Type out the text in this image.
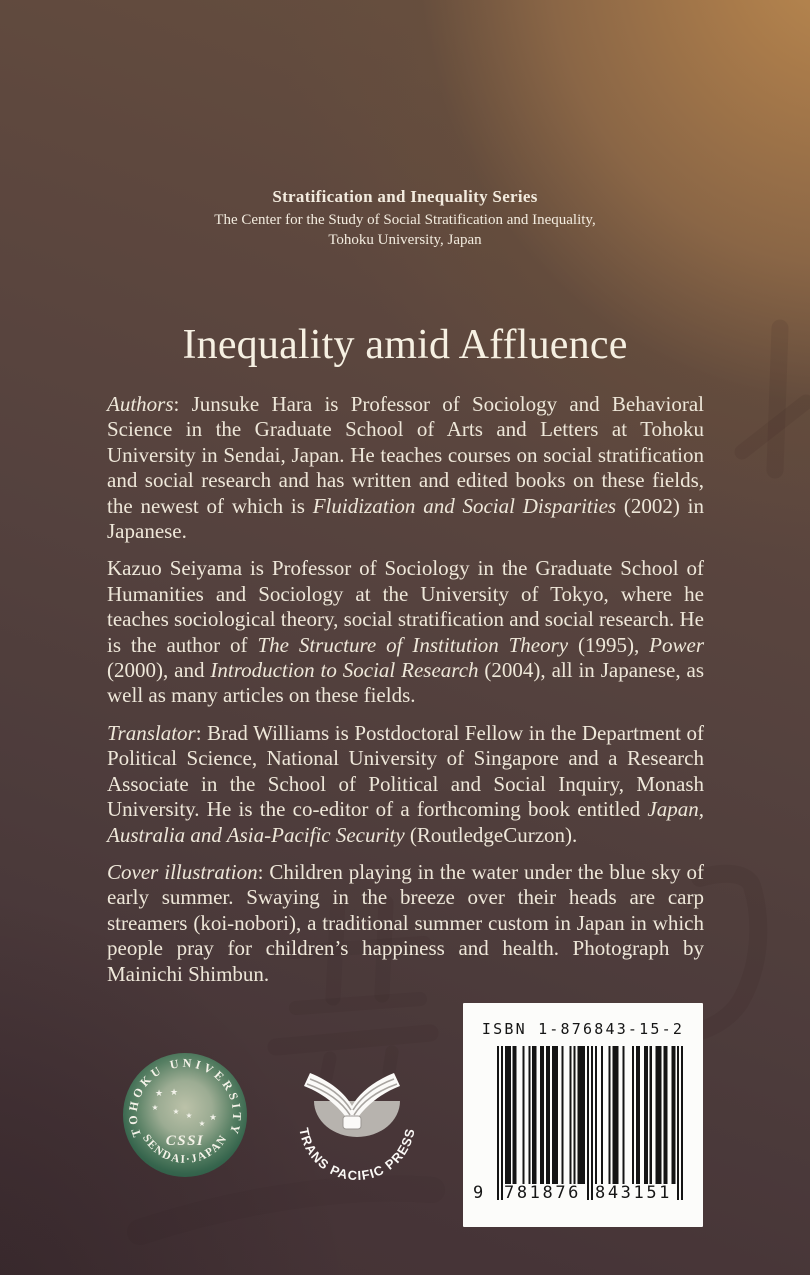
Stratification and Inequality Series
The Center for the Study of Social Stratification and Inequality,
Tohoku University, Japan
Inequality amid Affluence

Authors: Junsuke Hara is Professor of Sociology and Behavioral Science in the Graduate School of Arts and Letters at Tohoku University in Sendai, Japan. He teaches courses on social stratification and social research and has written and edited books on these fields, the newest of which is Fluidization and Social Disparities (2002) in Japanese.

Kazuo Seiyama is Professor of Sociology in the Graduate School of Humanities and Sociology at the University of Tokyo, where he teaches sociological theory, social stratification and social research. He is the author of The Structure of Institution Theory (1995), Power (2000), and Introduction to Social Research (2004), all in Japanese, as well as many articles on these fields.

Translator: Brad Williams is Postdoctoral Fellow in the Department of Political Science, National University of Singapore and a Research Associate in the School of Political and Social Inquiry, Monash University. He is the co-editor of a forthcoming book entitled Japan, Australia and Asia-Pacific Security (RoutledgeCurzon).

Cover illustration: Children playing in the water under the blue sky of early summer. Swaying in the breeze over their heads are carp streamers (koi-nobori), a traditional summer custom in Japan in which people pray for children’s happiness and health. Photograph by Mainichi Shimbun.

TOHOKU UNIVERSITY
SENDAI·JAPAN
CSSI
★ ★
★ ★ ★
★
★
TRANS PACIFIC PRESS
ISBN 1-876843-15-2
9 781876 843151
